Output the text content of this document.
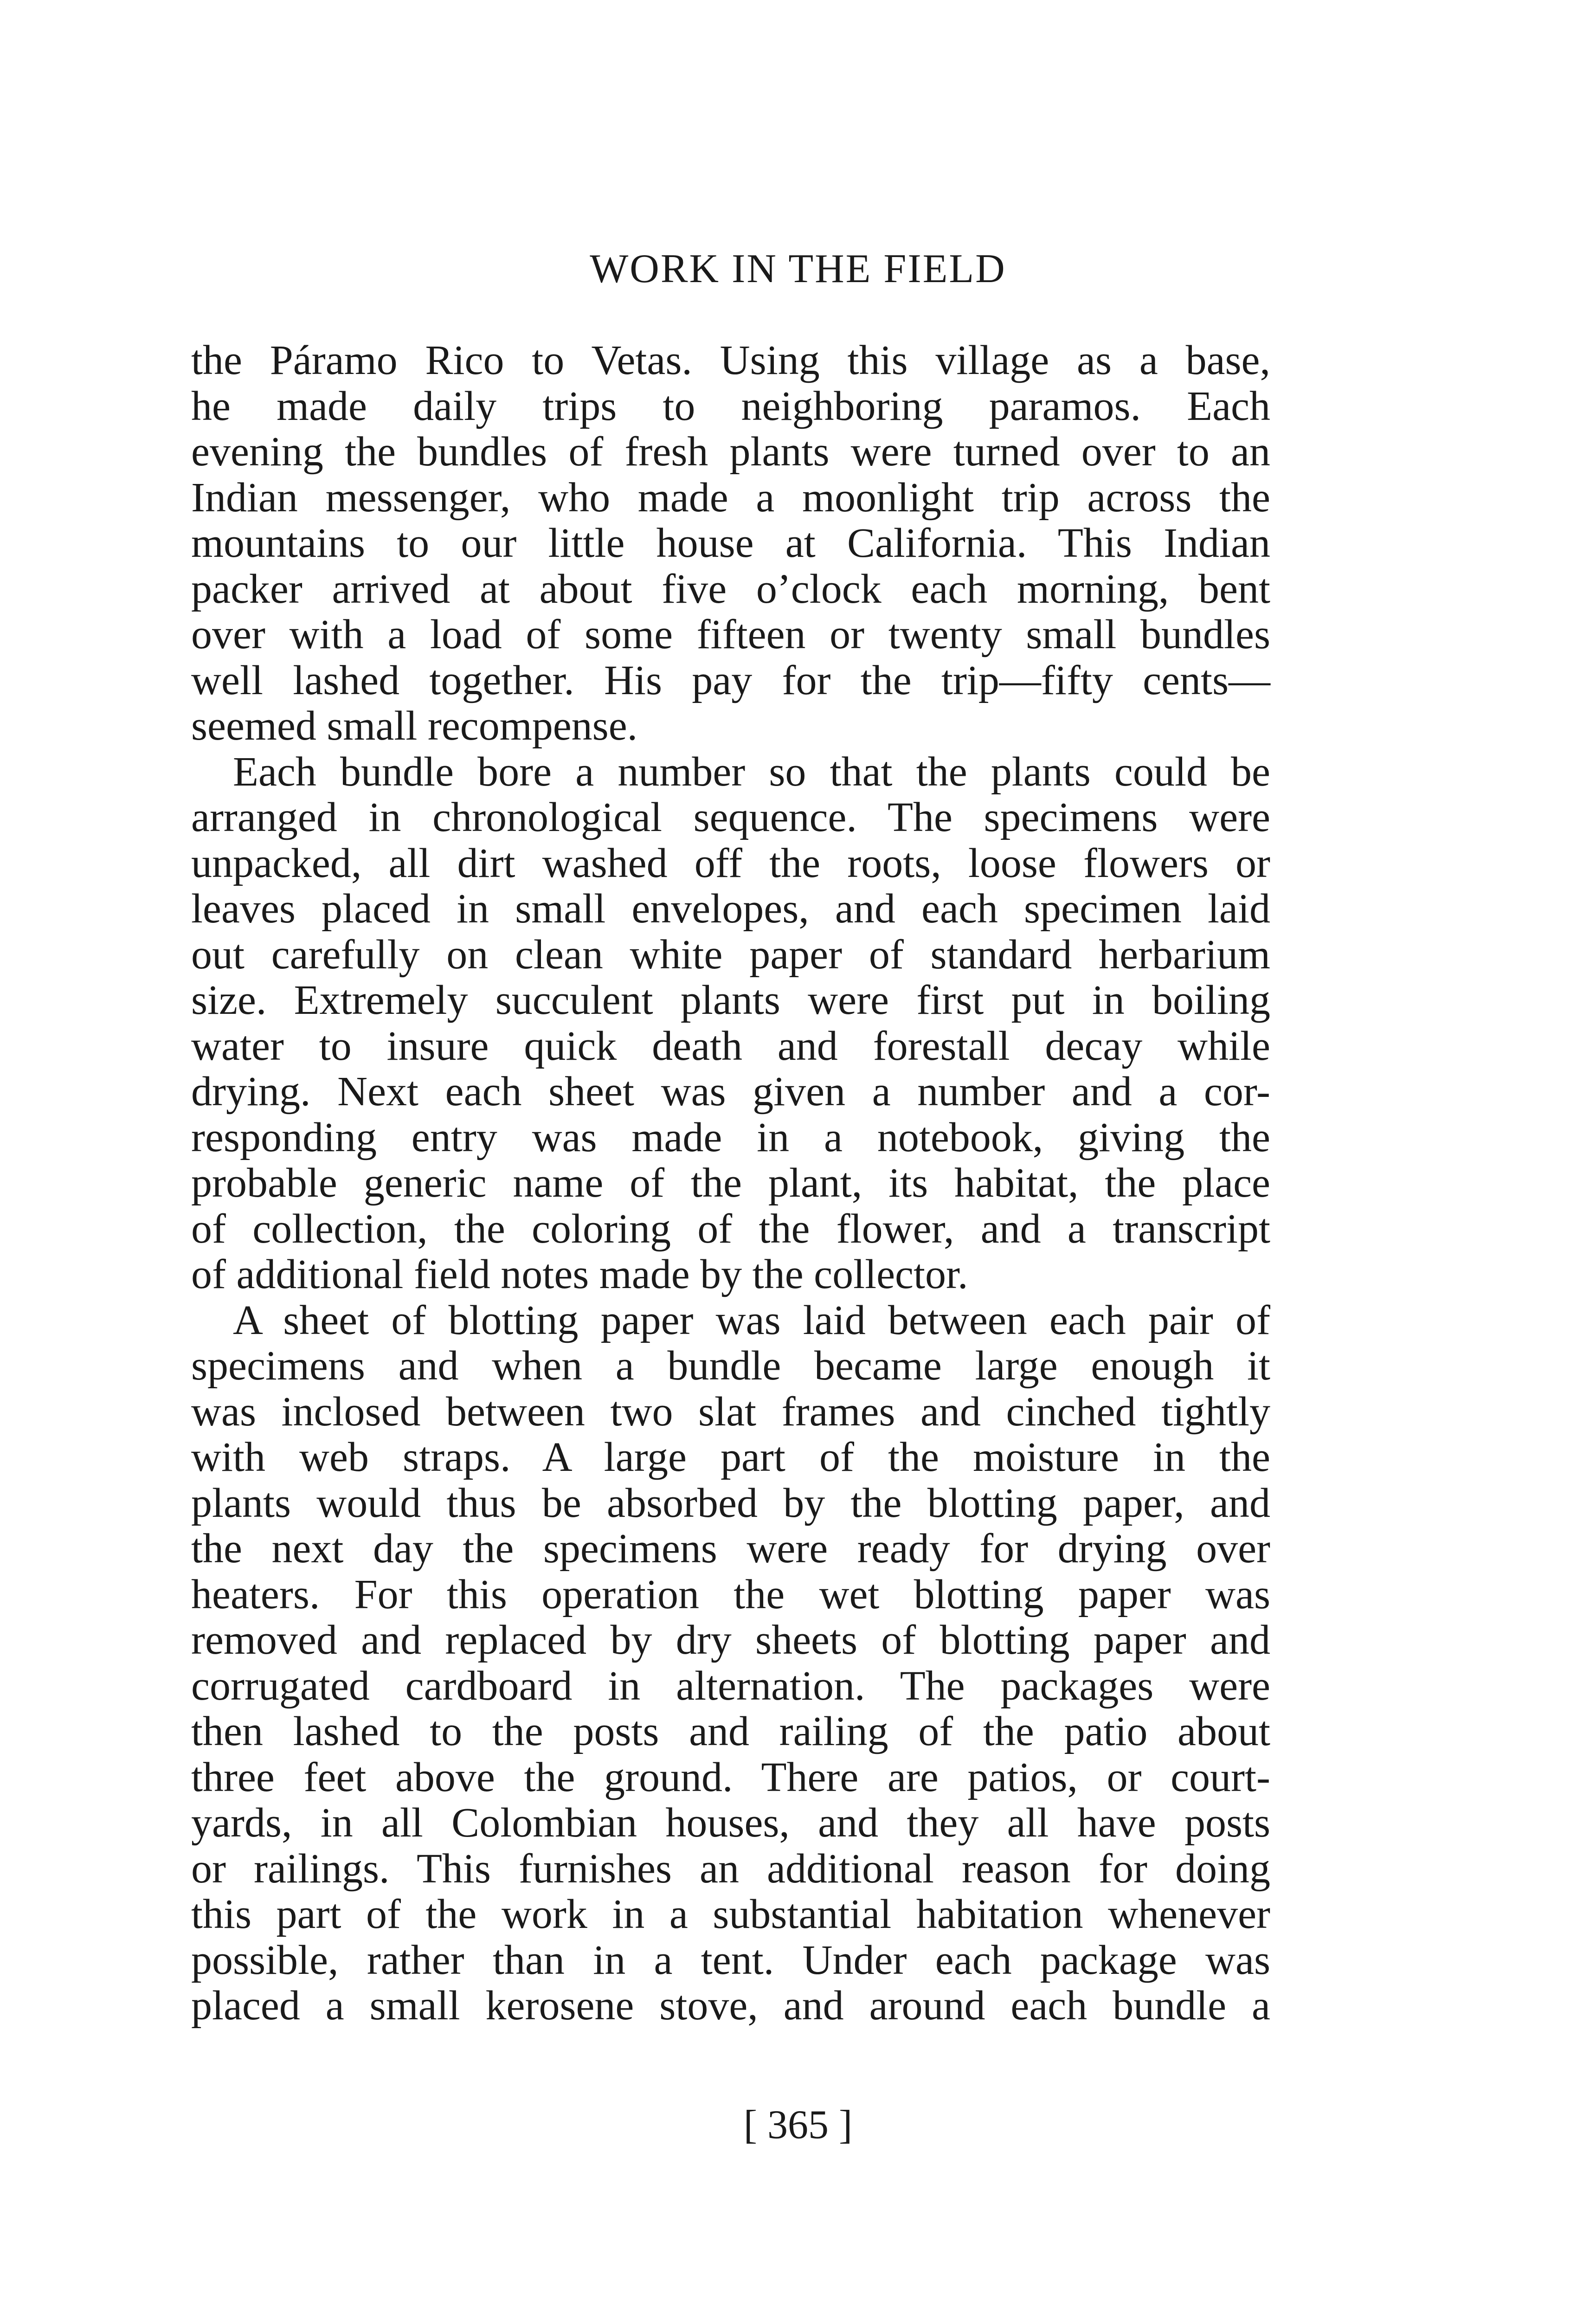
WORK IN THE FIELD
the Páramo Rico to Vetas. Using this village as a base,
he made daily trips to neighboring paramos. Each
evening the bundles of fresh plants were turned over to an
Indian messenger, who made a moonlight trip across the
mountains to our little house at California. This Indian
packer arrived at about five o’clock each morning, bent
over with a load of some fifteen or twenty small bundles
well lashed together. His pay for the trip—fifty cents—
seemed small recompense.
Each bundle bore a number so that the plants could be
arranged in chronological sequence. The specimens were
unpacked, all dirt washed off the roots, loose flowers or
leaves placed in small envelopes, and each specimen laid
out carefully on clean white paper of standard herbarium
size. Extremely succulent plants were first put in boiling
water to insure quick death and forestall decay while
drying. Next each sheet was given a number and a cor-
responding entry was made in a notebook, giving the
probable generic name of the plant, its habitat, the place
of collection, the coloring of the flower, and a transcript
of additional field notes made by the collector.
A sheet of blotting paper was laid between each pair of
specimens and when a bundle became large enough it
was inclosed between two slat frames and cinched tightly
with web straps. A large part of the moisture in the
plants would thus be absorbed by the blotting paper, and
the next day the specimens were ready for drying over
heaters. For this operation the wet blotting paper was
removed and replaced by dry sheets of blotting paper and
corrugated cardboard in alternation. The packages were
then lashed to the posts and railing of the patio about
three feet above the ground. There are patios, or court-
yards, in all Colombian houses, and they all have posts
or railings. This furnishes an additional reason for doing
this part of the work in a substantial habitation whenever
possible, rather than in a tent. Under each package was
placed a small kerosene stove, and around each bundle a
[ 365 ]
